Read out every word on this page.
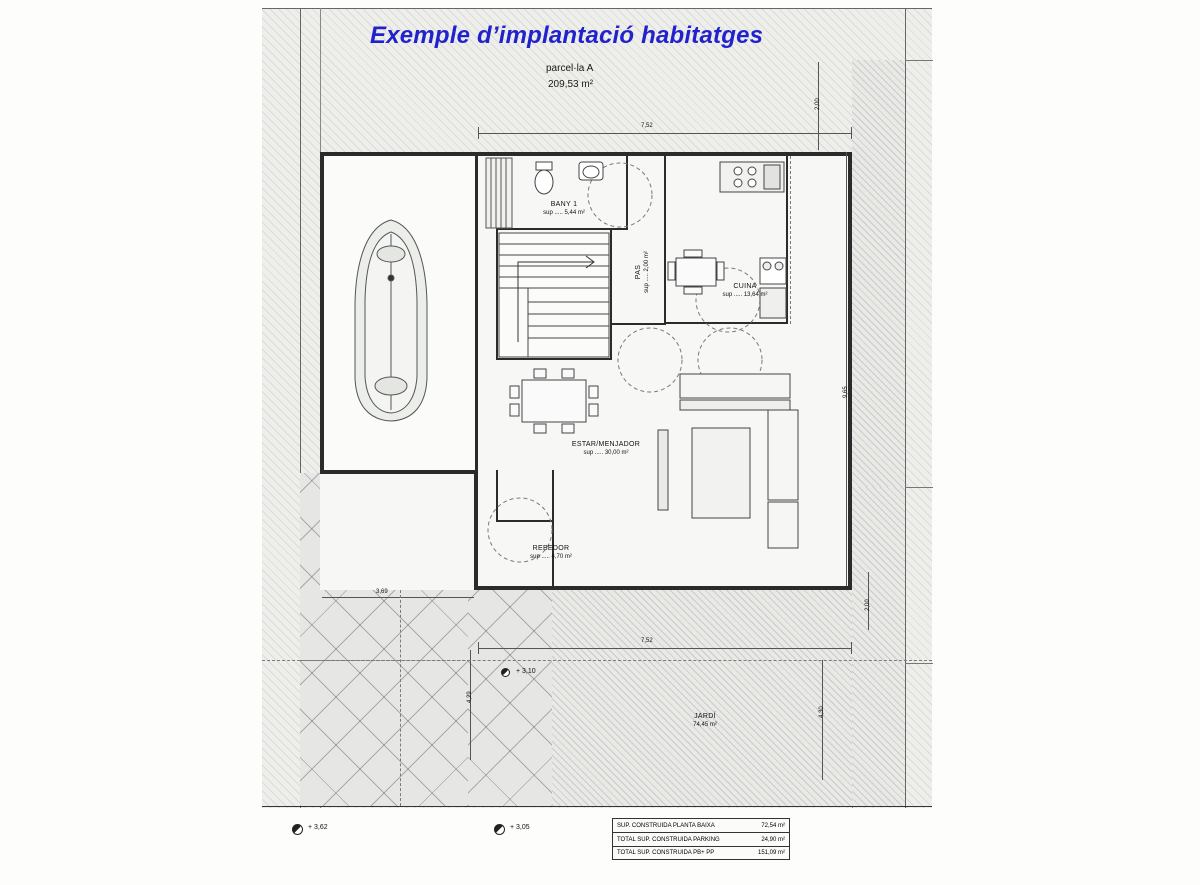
Exemple d’implantació habitatges
parcel·la A
209,53 m²
BANY 1
sup ..... 5,44 m²
CUINA
sup ..... 13,64 m²
PAS sup ..... 2,00 m²
ESTAR/MENJADOR
sup ..... 30,00 m²
REBEDOR
sup ..... 4,70 m²
JARDÍ
74,45 m²
7,52
7,52
9,65
2,00
2,00
4,30
3,69
4,29
+ 3,62	+ 3,05
+ 3,10
SUP. CONSTRUIDA PLANTA BAIXA	72,54 m²
TOTAL SUP. CONSTRUIDA PARKING	24,90 m²
TOTAL SUP. CONSTRUIDA PB+ PP	151,09 m²
